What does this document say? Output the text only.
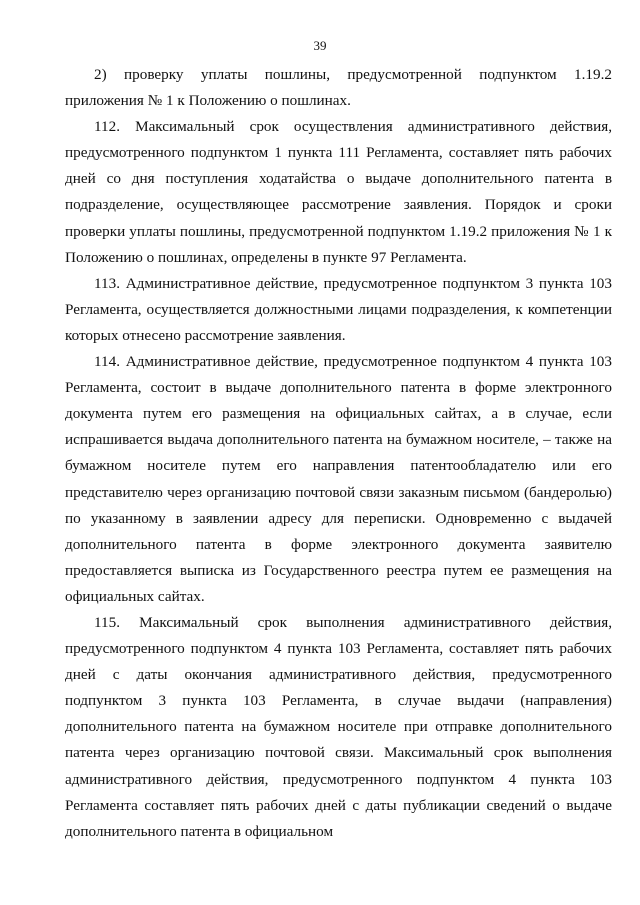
39

2) проверку уплаты пошлины, предусмотренной подпунктом 1.19.2 приложения № 1 к Положению о пошлинах.

112. Максимальный срок осуществления административного действия, предусмотренного подпунктом 1 пункта 111 Регламента, составляет пять рабочих дней со дня поступления ходатайства о выдаче дополнительного патента в подразделение, осуществляющее рассмотрение заявления. Порядок и сроки проверки уплаты пошлины, предусмотренной подпунктом 1.19.2 приложения № 1 к Положению о пошлинах, определены в пункте 97 Регламента.

113. Административное действие, предусмотренное подпунктом 3 пункта 103 Регламента, осуществляется должностными лицами подразделения, к компетенции которых отнесено рассмотрение заявления.

114. Административное действие, предусмотренное подпунктом 4 пункта 103 Регламента, состоит в выдаче дополнительного патента в форме электронного документа путем его размещения на официальных сайтах, а в случае, если испрашивается выдача дополнительного патента на бумажном носителе, – также на бумажном носителе путем его направления патентообладателю или его представителю через организацию почтовой связи заказным письмом (бандеролью) по указанному в заявлении адресу для переписки. Одновременно с выдачей дополнительного патента в форме электронного документа заявителю предоставляется выписка из Государственного реестра путем ее размещения на официальных сайтах.

115. Максимальный срок выполнения административного действия, предусмотренного подпунктом 4 пункта 103 Регламента, составляет пять рабочих дней с даты окончания административного действия, предусмотренного подпунктом 3 пункта 103 Регламента, в случае выдачи (направления) дополнительного патента на бумажном носителе при отправке дополнительного патента через организацию почтовой связи. Максимальный срок выполнения административного действия, предусмотренного подпунктом 4 пункта 103 Регламента составляет пять рабочих дней с даты публикации сведений о выдаче дополнительного патента в официальном
